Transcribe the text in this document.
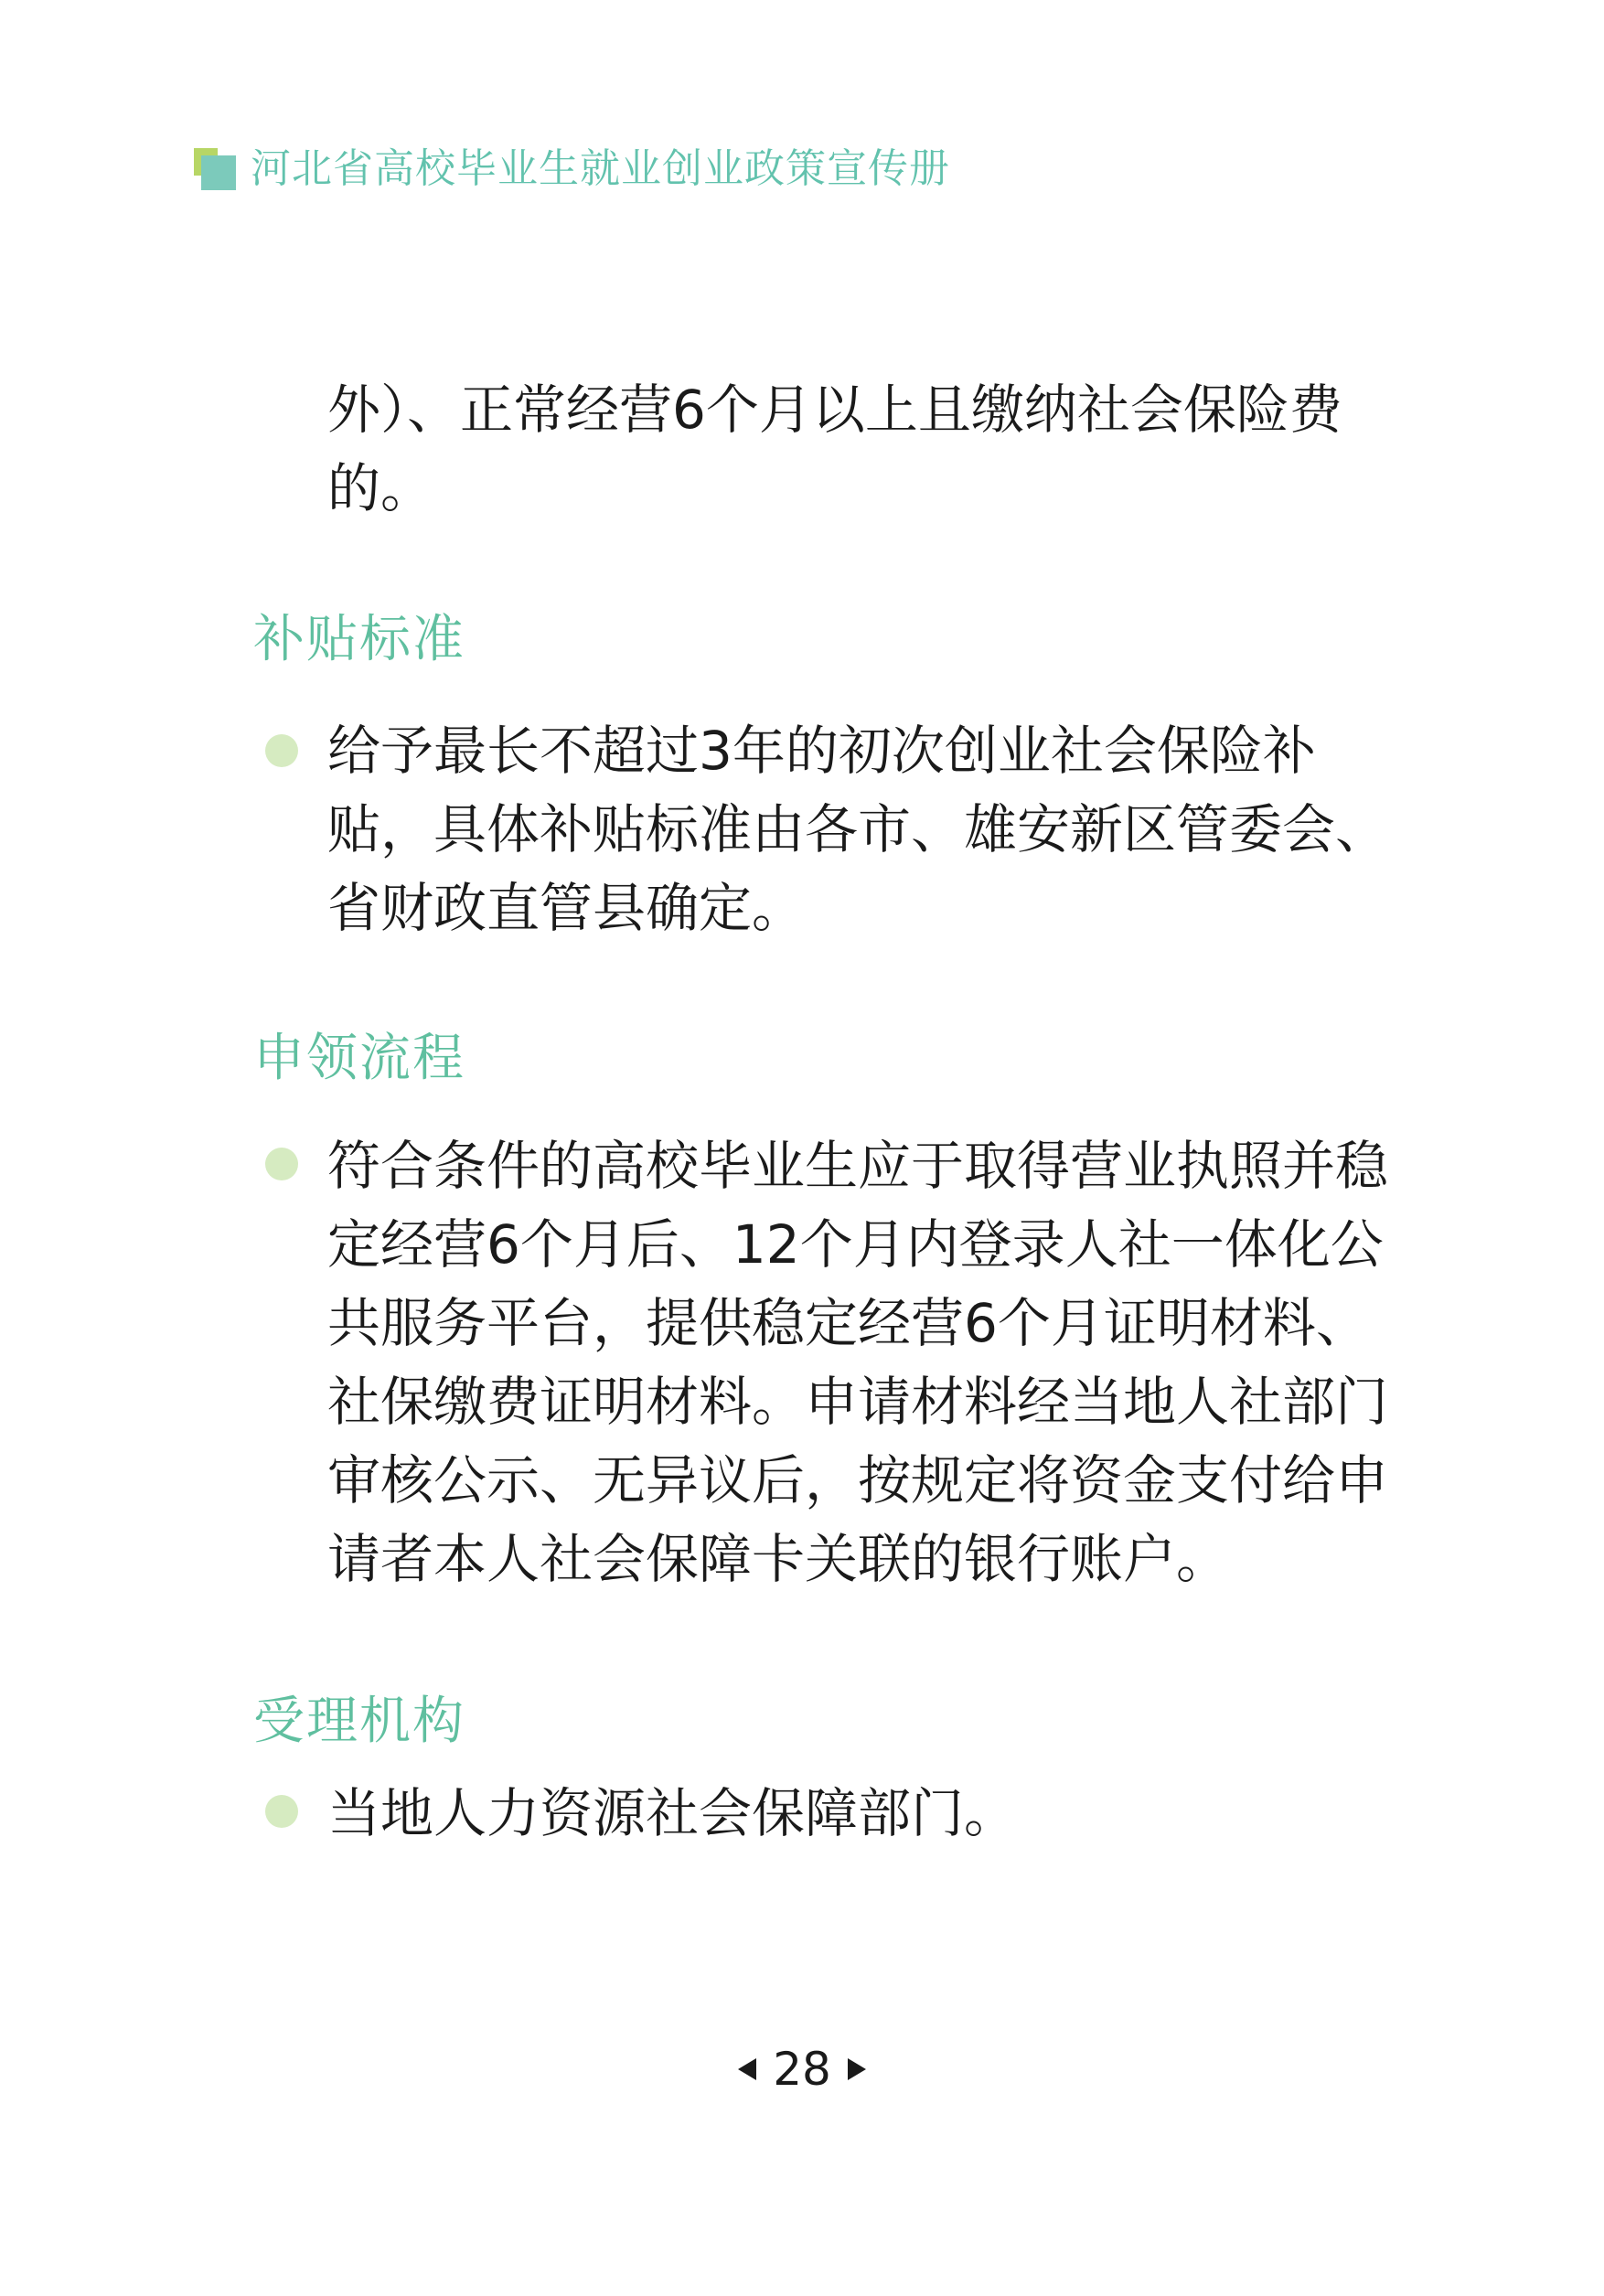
河北省高校毕业生就业创业政策宣传册
外）、正常经营6个月以上且缴纳社会保险费
的。
补贴标准
给予最长不超过3年的初次创业社会保险补
贴，具体补贴标准由各市、雄安新区管委会、
省财政直管县确定。
申领流程
符合条件的高校毕业生应于取得营业执照并稳
定经营6个月后、12个月内登录人社一体化公
共服务平台，提供稳定经营6个月证明材料、
社保缴费证明材料。申请材料经当地人社部门
审核公示、无异议后，按规定将资金支付给申
请者本人社会保障卡关联的银行账户。
受理机构
当地人力资源社会保障部门。
28
